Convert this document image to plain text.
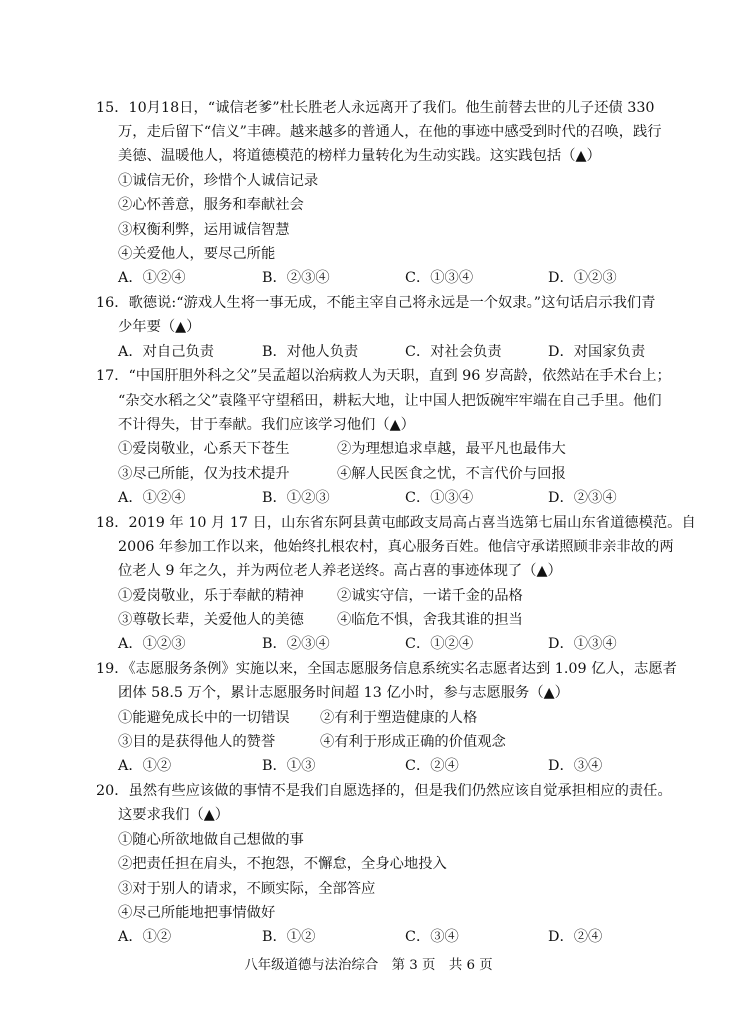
15．10月18日，“诚信老爹”杜长胜老人永远离开了我们。他生前替去世的儿子还债 330
万，走后留下“信义”丰碑。越来越多的普通人，在他的事迹中感受到时代的召唤，践行
美德、温暖他人，将道德模范的榜样力量转化为生动实践。这实践包括（▲）
①诚信无价，珍惜个人诚信记录
②心怀善意，服务和奉献社会
③权衡利弊，运用诚信智慧
④关爱他人，要尽己所能
A．①②④	B．②③④	C．①③④	D．①②③
16．歌德说:“游戏人生将一事无成，不能主宰自己将永远是一个奴隶。”这句话启示我们青
少年要（▲）
A．对自己负责	B．对他人负责	C．对社会负责	D．对国家负责
17．“中国肝胆外科之父”吴孟超以治病救人为天职，直到 96 岁高龄，依然站在手术台上；
“杂交水稻之父”袁隆平守望稻田，耕耘大地，让中国人把饭碗牢牢端在自己手里。他们
不计得失，甘于奉献。我们应该学习他们（▲）
①爱岗敬业，心系天下苍生	②为理想追求卓越，最平凡也最伟大
③尽己所能，仅为技术提升	④解人民医食之忧，不言代价与回报
A．①②④	B．①②③	C．①③④	D．②③④
18．2019 年 10 月 17 日，山东省东阿县黄屯邮政支局高占喜当选第七届山东省道德模范。自
2006 年参加工作以来，他始终扎根农村，真心服务百姓。他信守承诺照顾非亲非故的两
位老人 9 年之久，并为两位老人养老送终。高占喜的事迹体现了（▲）
①爱岗敬业，乐于奉献的精神 ②诚实守信，一诺千金的品格
③尊敬长辈，关爱他人的美德 ④临危不惧，舍我其谁的担当
A．①②③	B．②③④	C．①②④	D．①③④
19．《志愿服务条例》实施以来，全国志愿服务信息系统实名志愿者达到 1.09 亿人，志愿者
团体 58.5 万个，累计志愿服务时间超 13 亿小时，参与志愿服务（▲）
①能避免成长中的一切错误 ②有利于塑造健康的人格
③目的是获得他人的赞誉	④有利于形成正确的价值观念
A．①②	B．①③	C．②④	D．③④
20．虽然有些应该做的事情不是我们自愿选择的，但是我们仍然应该自觉承担相应的责任。
这要求我们（▲）
①随心所欲地做自己想做的事
②把责任担在肩头，不抱怨，不懈怠，全身心地投入
③对于别人的请求，不顾实际，全部答应
④尽己所能地把事情做好
A．①②	B．①②	C．③④	D．②④
八年级道德与法治综合　第 3 页　共 6 页
